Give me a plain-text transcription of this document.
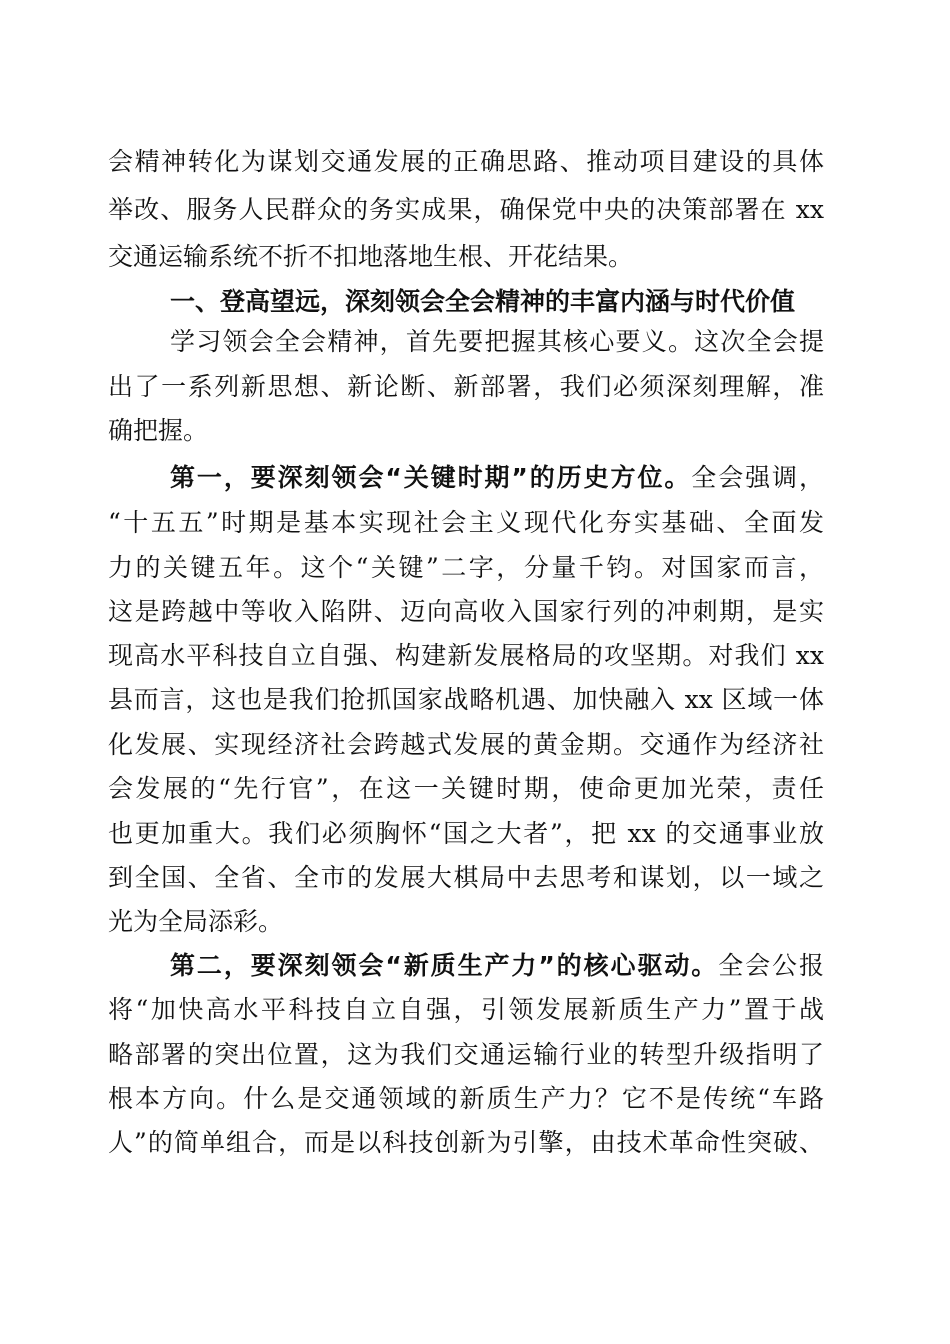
会精神转化为谋划交通发展的正确思路、推动项目建设的具体
举改、服务人民群众的务实成果，确保党中央的决策部署在 xx
交通运输系统不折不扣地落地生根、开花结果。
一、登高望远，深刻领会全会精神的丰富内涵与时代价值
学习领会全会精神，首先要把握其核心要义。这次全会提
出了一系列新思想、新论断、新部署，我们必须深刻理解，准
确把握。
第一，要深刻领会“关键时期”的历史方位。全会强调，
“十五五”时期是基本实现社会主义现代化夯实基础、全面发
力的关键五年。这个“关键”二字，分量千钧。对国家而言，
这是跨越中等收入陷阱、迈向高收入国家行列的冲刺期，是实
现高水平科技自立自强、构建新发展格局的攻坚期。对我们 xx
县而言，这也是我们抢抓国家战略机遇、加快融入 xx 区域一体
化发展、实现经济社会跨越式发展的黄金期。交通作为经济社
会发展的“先行官”，在这一关键时期，使命更加光荣，责任
也更加重大。我们必须胸怀“国之大者”，把 xx 的交通事业放
到全国、全省、全市的发展大棋局中去思考和谋划，以一域之
光为全局添彩。
第二，要深刻领会“新质生产力”的核心驱动。全会公报
将“加快高水平科技自立自强，引领发展新质生产力”置于战
略部署的突出位置，这为我们交通运输行业的转型升级指明了
根本方向。什么是交通领域的新质生产力？它不是传统“车路
人”的简单组合，而是以科技创新为引擎，由技术革命性突破、
